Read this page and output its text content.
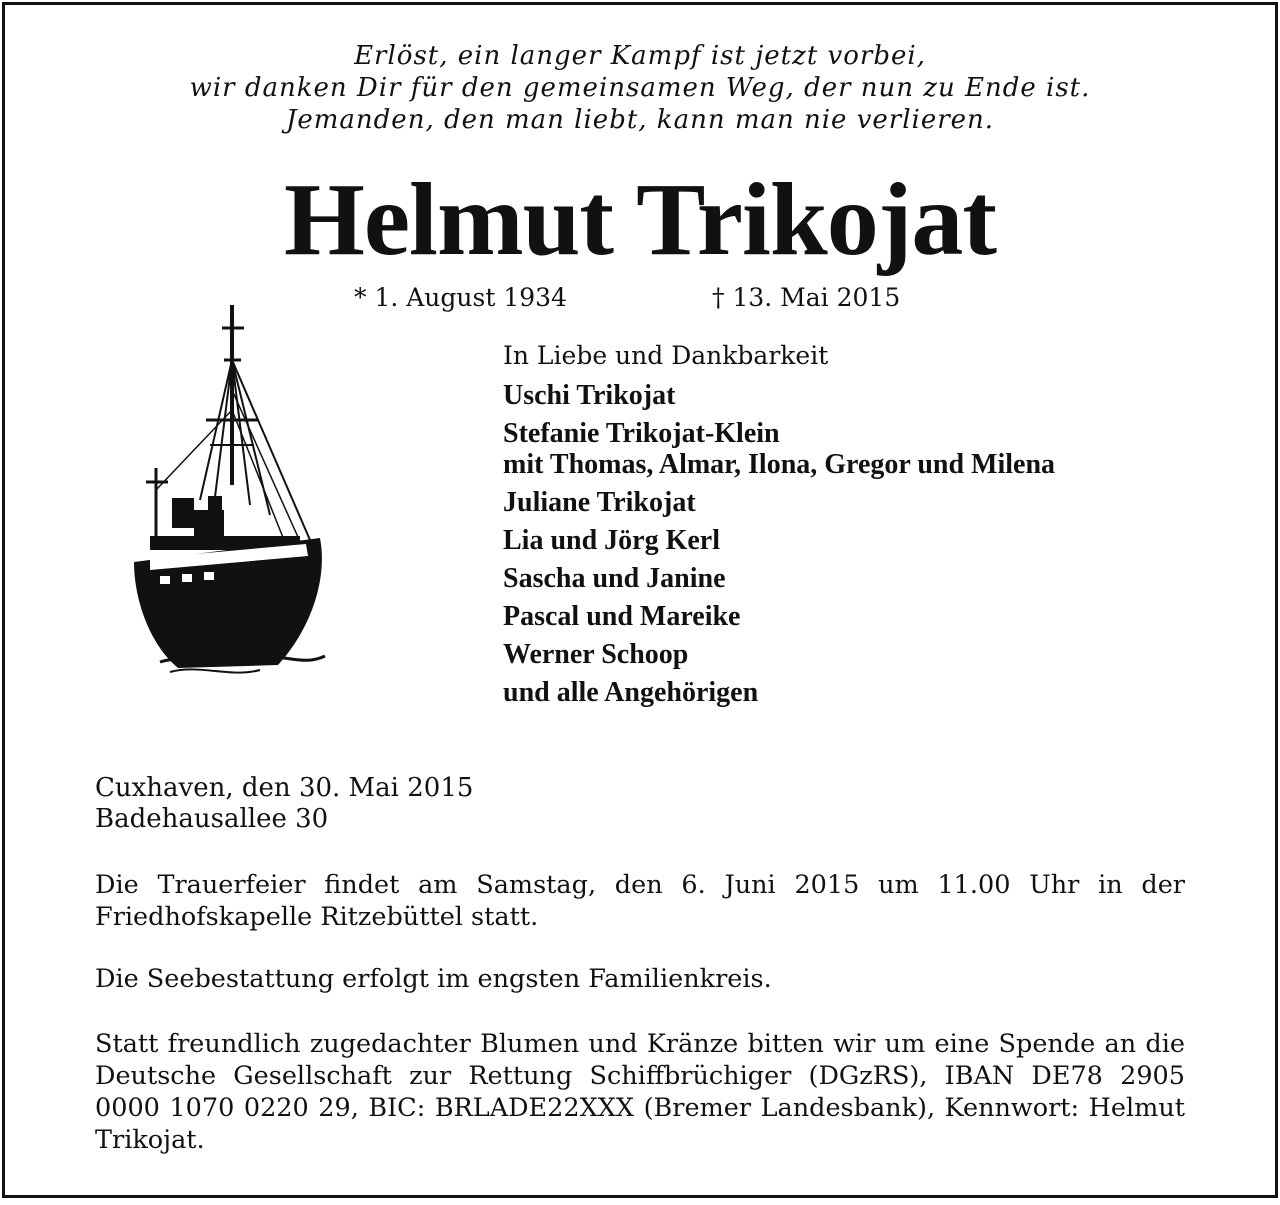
Erlöst, ein langer Kampf ist jetzt vorbei,
wir danken Dir für den gemeinsamen Weg, der nun zu Ende ist.
Jemanden, den man liebt, kann man nie verlieren.
Helmut Trikojat
* 1. August 1934	† 13. Mai 2015
In Liebe und Dankbarkeit
Uschi Trikojat
Stefanie Trikojat-Klein
mit Thomas, Almar, Ilona, Gregor und Milena
Juliane Trikojat
Lia und Jörg Kerl
Sascha und Janine
Pascal und Mareike
Werner Schoop
und alle Angehörigen
Cuxhaven, den 30. Mai 2015
Badehausallee 30
Die Trauerfeier findet am Samstag, den 6. Juni 2015 um 11.00 Uhr in der Friedhofskapelle Ritzebüttel statt.
Die Seebestattung erfolgt im engsten Familienkreis.
Statt freundlich zugedachter Blumen und Kränze bitten wir um eine Spende an die Deutsche Gesellschaft zur Rettung Schiffbrüchiger (DGzRS), IBAN DE78 2905 0000 1070 0220 29, BIC: BRLADE22XXX (Bremer Landesbank), Kennwort: Helmut Trikojat.
